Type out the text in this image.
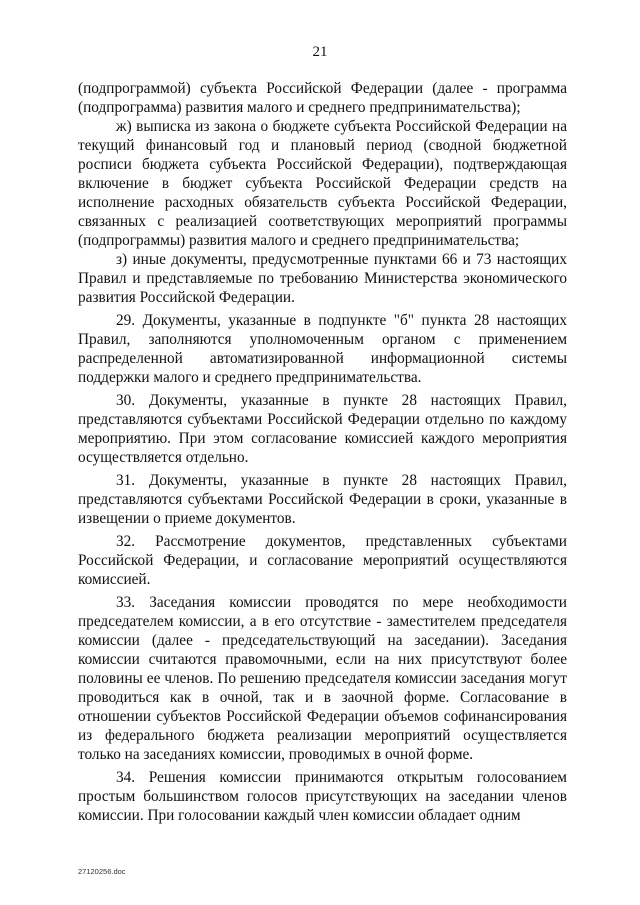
21

(подпрограммой) субъекта Российской Федерации (далее - программа (подпрограмма) развития малого и среднего предпринимательства);

ж) выписка из закона о бюджете субъекта Российской Федерации на текущий финансовый год и плановый период (сводной бюджетной росписи бюджета субъекта Российской Федерации), подтверждающая включение в бюджет субъекта Российской Федерации средств на исполнение расходных обязательств субъекта Российской Федерации, связанных с реализацией соответствующих мероприятий программы (подпрограммы) развития малого и среднего предпринимательства;

з) иные документы, предусмотренные пунктами 66 и 73 настоящих Правил и представляемые по требованию Министерства экономического развития Российской Федерации.

29. Документы, указанные в подпункте "б" пункта 28 настоящих Правил, заполняются уполномоченным органом с применением распределенной автоматизированной информационной системы поддержки малого и среднего предпринимательства.

30. Документы, указанные в пункте 28 настоящих Правил, представляются субъектами Российской Федерации отдельно по каждому мероприятию. При этом согласование комиссией каждого мероприятия осуществляется отдельно.

31. Документы, указанные в пункте 28 настоящих Правил, представляются субъектами Российской Федерации в сроки, указанные в извещении о приеме документов.

32. Рассмотрение документов, представленных субъектами Российской Федерации, и согласование мероприятий осуществляются комиссией.

33. Заседания комиссии проводятся по мере необходимости председателем комиссии, а в его отсутствие - заместителем председателя комиссии (далее - председательствующий на заседании). Заседания комиссии считаются правомочными, если на них присутствуют более половины ее членов. По решению председателя комиссии заседания могут проводиться как в очной, так и в заочной форме. Согласование в отношении субъектов Российской Федерации объемов софинансирования из федерального бюджета реализации мероприятий осуществляется только на заседаниях комиссии, проводимых в очной форме.

34. Решения комиссии принимаются открытым голосованием простым большинством голосов присутствующих на заседании членов комиссии. При голосовании каждый член комиссии обладает одним

27120256.doc
